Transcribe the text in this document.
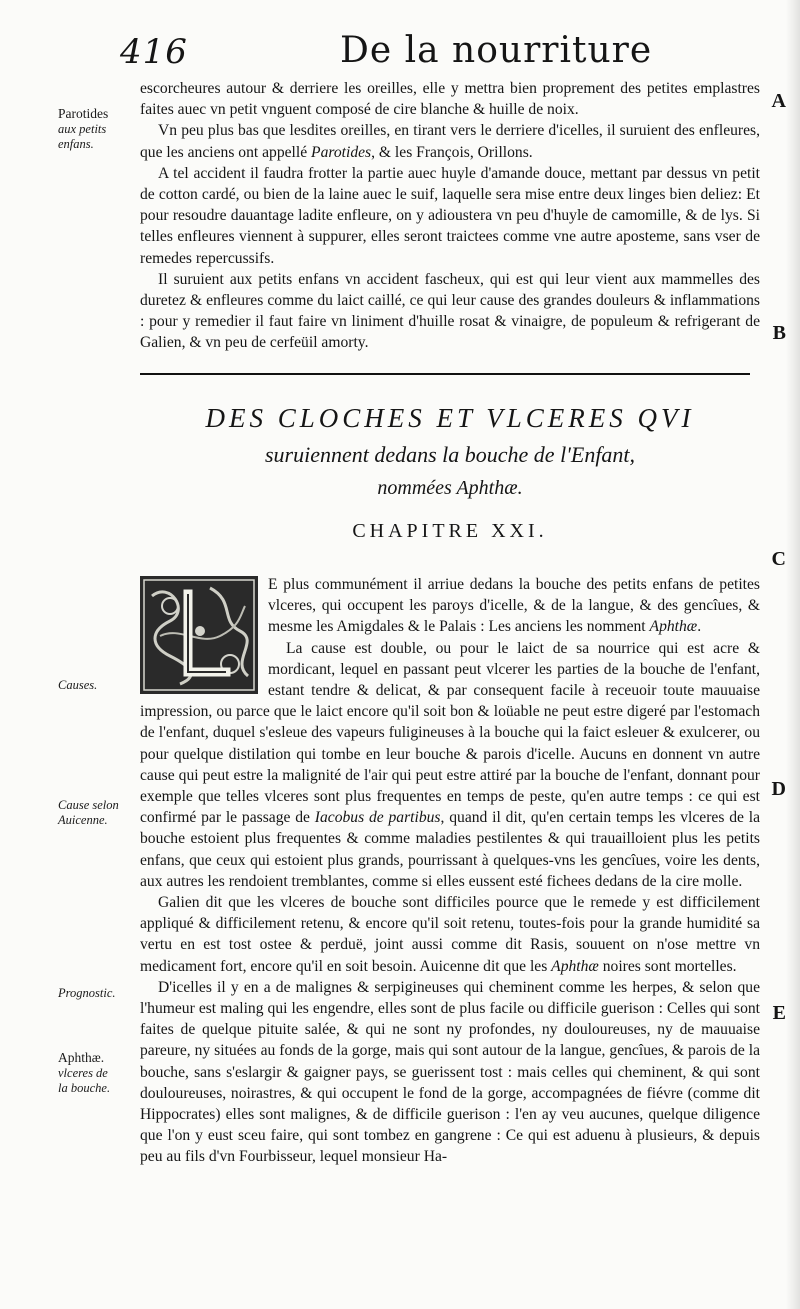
416	De la nourriture
Parotides
aux petits
enfans.
Causes.
Cause selon
Auicenne.
Prognostic.
Aphthæ.
vlceres de
la bouche.
A
B
C
D
E

escorcheures autour & derriere les oreilles, elle y mettra bien proprement des petites emplastres faites auec vn petit vnguent composé de cire blanche & huille de noix.

Vn peu plus bas que lesdites oreilles, en tirant vers le derriere d'icelles, il suruient des enfleures, que les anciens ont appellé Parotides, & les François, Orillons.

A tel accident il faudra frotter la partie auec huyle d'amande douce, mettant par dessus vn petit de cotton cardé, ou bien de la laine auec le suif, laquelle sera mise entre deux linges bien deliez: Et pour resoudre dauantage ladite enfleure, on y adioustera vn peu d'huyle de camomille, & de lys. Si telles enfleures viennent à suppurer, elles seront traictees comme vne autre aposteme, sans vser de remedes repercussifs.

Il suruient aux petits enfans vn accident fascheux, qui est qui leur vient aux mammelles des duretez & enfleures comme du laict caillé, ce qui leur cause des grandes douleurs & inflammations : pour y remedier il faut faire vn liniment d'huille rosat & vinaigre, de populeum & refrigerant de Galien, & vn peu de cerfeüil amorty.

DES CLOCHES ET VLCERES QVI
suruiennent dedans la bouche de l'Enfant,
nommées Aphthæ.
CHAPITRE XXI.

E plus communément il arriue dedans la bouche des petits enfans de petites vlceres, qui occupent les paroys d'icelle, & de la langue, & des gencîues, & mesme les Amigdales & le Palais : Les anciens les nomment Aphthæ.

La cause est double, ou pour le laict de sa nourrice qui est acre & mordicant, lequel en passant peut vlcerer les parties de la bouche de l'enfant, estant tendre & delicat, & par consequent facile à receuoir toute mauuaise impression, ou parce que le laict encore qu'il soit bon & loüable ne peut estre digeré par l'estomach de l'enfant, duquel s'esleue des vapeurs fuligineuses à la bouche qui la faict esleuer & exulcerer, ou pour quelque distilation qui tombe en leur bouche & parois d'icelle. Aucuns en donnent vn autre cause qui peut estre la malignité de l'air qui peut estre attiré par la bouche de l'enfant, donnant pour exemple que telles vlceres sont plus frequentes en temps de peste, qu'en autre temps : ce qui est confirmé par le passage de Iacobus de partibus, quand il dit, qu'en certain temps les vlceres de la bouche estoient plus frequentes & comme maladies pestilentes & qui trauailloient plus les petits enfans, que ceux qui estoient plus grands, pourrissant à quelques-vns les gencîues, voire les dents, aux autres les rendoient tremblantes, comme si elles eussent esté fichees dedans de la cire molle.

Galien dit que les vlceres de bouche sont difficiles pource que le remede y est difficilement appliqué & difficilement retenu, & encore qu'il soit retenu, toutes-fois pour la grande humidité sa vertu en est tost ostee & perduë, joint aussi comme dit Rasis, souuent on n'ose mettre vn medicament fort, encore qu'il en soit besoin. Auicenne dit que les Aphthæ noires sont mortelles.

D'icelles il y en a de malignes & serpigineuses qui cheminent comme les herpes, & selon que l'humeur est maling qui les engendre, elles sont de plus facile ou difficile guerison : Celles qui sont faites de quelque pituite salée, & qui ne sont ny profondes, ny douloureuses, ny de mauuaise pareure, ny situées au fonds de la gorge, mais qui sont autour de la langue, gencîues, & parois de la bouche, sans s'eslargir & gaigner pays, se guerissent tost : mais celles qui cheminent, & qui sont douloureuses, noirastres, & qui occupent le fond de la gorge, accompagnées de fiévre (comme dit Hippocrates) elles sont malignes, & de difficile guerison : l'en ay veu aucunes, quelque diligence que l'on y eust sceu faire, qui sont tombez en gangrene : Ce qui est aduenu à plusieurs, & depuis peu au fils d'vn Fourbisseur, lequel monsieur Ha-
